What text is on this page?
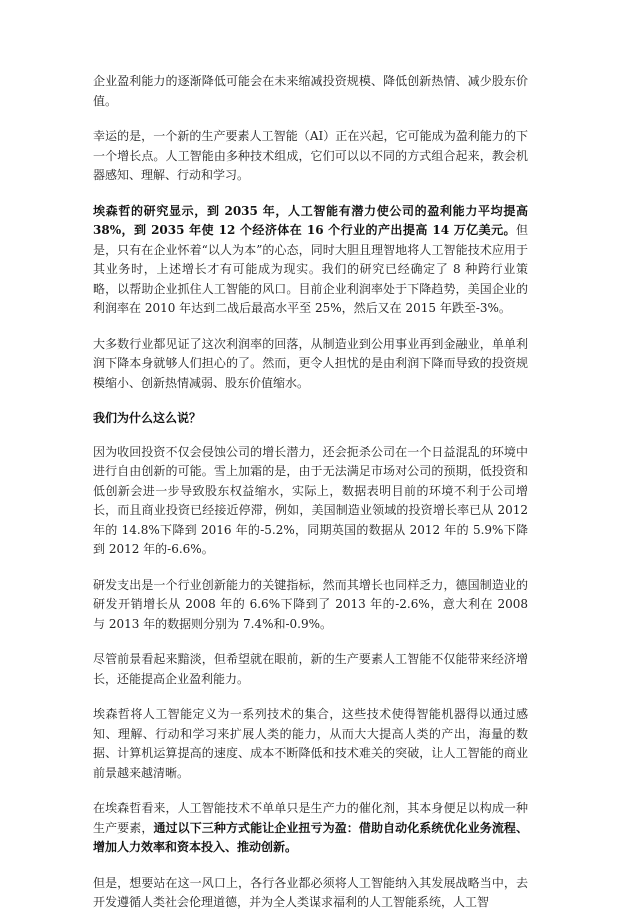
企业盈利能力的逐渐降低可能会在未来缩减投资规模、降低创新热情、减少股东价值。

幸运的是，一个新的生产要素人工智能（AI）正在兴起，它可能成为盈利能力的下一个增长点。人工智能由多种技术组成，它们可以以不同的方式组合起来，教会机器感知、理解、行动和学习。

埃森哲的研究显示，到 2035 年，人工智能有潜力使公司的盈利能力平均提高 38%，到 2035 年使 12 个经济体在 16 个行业的产出提高 14 万亿美元。但是，只有在企业怀着“以人为本”的心态，同时大胆且理智地将人工智能技术应用于其业务时，上述增长才有可能成为现实。我们的研究已经确定了 8 种跨行业策略，以帮助企业抓住人工智能的风口。目前企业利润率处于下降趋势，美国企业的利润率在 2010 年达到二战后最高水平至 25%，然后又在 2015 年跌至-3%。

大多数行业都见证了这次利润率的回落，从制造业到公用事业再到金融业，单单利润下降本身就够人们担心的了。然而，更令人担忧的是由利润下降而导致的投资规模缩小、创新热情减弱、股东价值缩水。

我们为什么这么说？

因为收回投资不仅会侵蚀公司的增长潜力，还会扼杀公司在一个日益混乱的环境中进行自由创新的可能。雪上加霜的是，由于无法满足市场对公司的预期，低投资和低创新会进一步导致股东权益缩水，实际上，数据表明目前的环境不利于公司增长，而且商业投资已经接近停滞，例如，美国制造业领域的投资增长率已从 2012 年的 14.8%下降到 2016 年的-5.2%，同期英国的数据从 2012 年的 5.9%下降到 2012 年的-6.6%。

研发支出是一个行业创新能力的关键指标，然而其增长也同样乏力，德国制造业的研发开销增长从 2008 年的 6.6%下降到了 2013 年的-2.6%，意大利在 2008 与 2013 年的数据则分别为 7.4%和-0.9%。

尽管前景看起来黯淡，但希望就在眼前，新的生产要素人工智能不仅能带来经济增长，还能提高企业盈利能力。

埃森哲将人工智能定义为一系列技术的集合，这些技术使得智能机器得以通过感知、理解、行动和学习来扩展人类的能力，从而大大提高人类的产出，海量的数据、计算机运算提高的速度、成本不断降低和技术难关的突破，让人工智能的商业前景越来越清晰。

在埃森哲看来，人工智能技术不单单只是生产力的催化剂，其本身便足以构成一种生产要素，通过以下三种方式能让企业扭亏为盈：借助自动化系统优化业务流程、增加人力效率和资本投入、推动创新。

但是，想要站在这一风口上，各行各业都必须将人工智能纳入其发展战略当中，去开发遵循人类社会伦理道德，并为全人类谋求福利的人工智能系统，人工智
